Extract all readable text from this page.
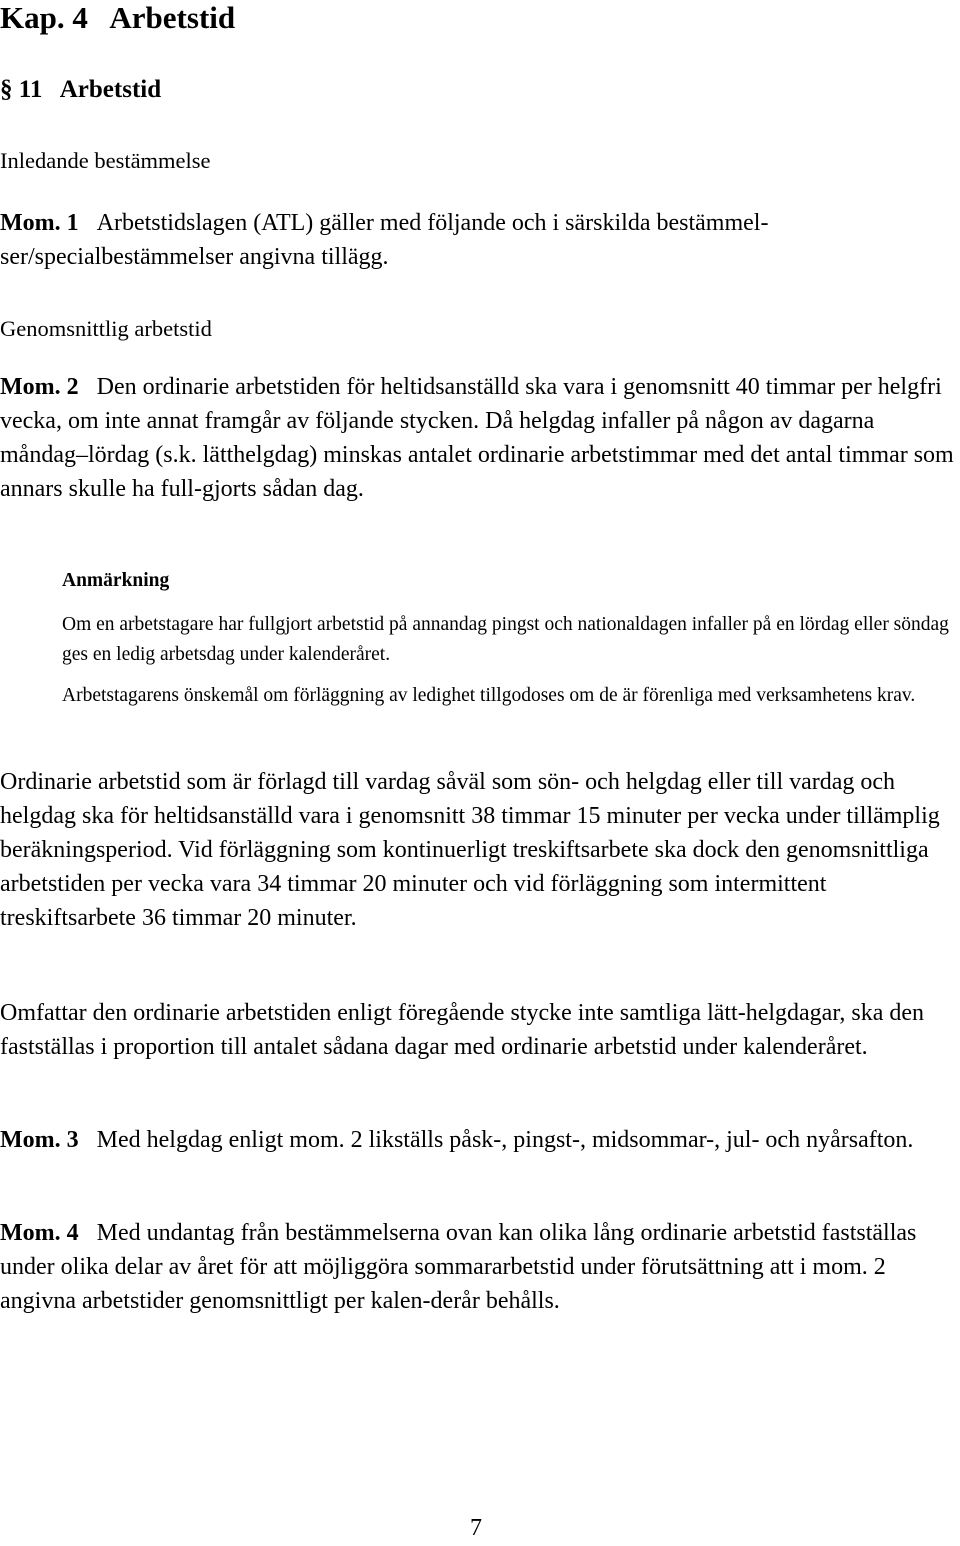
Kap. 4 Arbetstid
§ 11 Arbetstid
Inledande bestämmelse

Mom. 1 Arbetstidslagen (ATL) gäller med följande och i särskilda bestämmel-ser/specialbestämmelser angivna tillägg.

Genomsnittlig arbetstid

Mom. 2 Den ordinarie arbetstiden för heltidsanställd ska vara i genomsnitt 40 timmar per helgfri vecka, om inte annat framgår av följande stycken. Då helgdag infaller på någon av dagarna måndag–lördag (s.k. lätthelgdag) minskas antalet ordinarie arbetstimmar med det antal timmar som annars skulle ha full-gjorts sådan dag.

Anmärkning

Om en arbetstagare har fullgjort arbetstid på annandag pingst och nationaldagen infaller på en lördag eller söndag ges en ledig arbetsdag under kalenderåret.

Arbetstagarens önskemål om förläggning av ledighet tillgodoses om de är förenliga med verksamhetens krav.

Ordinarie arbetstid som är förlagd till vardag såväl som sön- och helgdag eller till vardag och helgdag ska för heltidsanställd vara i genomsnitt 38 timmar 15 minuter per vecka under tillämplig beräkningsperiod. Vid förläggning som kontinuerligt treskiftsarbete ska dock den genomsnittliga arbetstiden per vecka vara 34 timmar 20 minuter och vid förläggning som intermittent treskiftsarbete 36 timmar 20 minuter.

Omfattar den ordinarie arbetstiden enligt föregående stycke inte samtliga lätt-helgdagar, ska den fastställas i proportion till antalet sådana dagar med ordinarie arbetstid under kalenderåret.

Mom. 3 Med helgdag enligt mom. 2 likställs påsk-, pingst-, midsommar-, jul- och nyårsafton.

Mom. 4 Med undantag från bestämmelserna ovan kan olika lång ordinarie arbetstid fastställas under olika delar av året för att möjliggöra sommararbetstid under förutsättning att i mom. 2 angivna arbetstider genomsnittligt per kalen-derår behålls.

7
